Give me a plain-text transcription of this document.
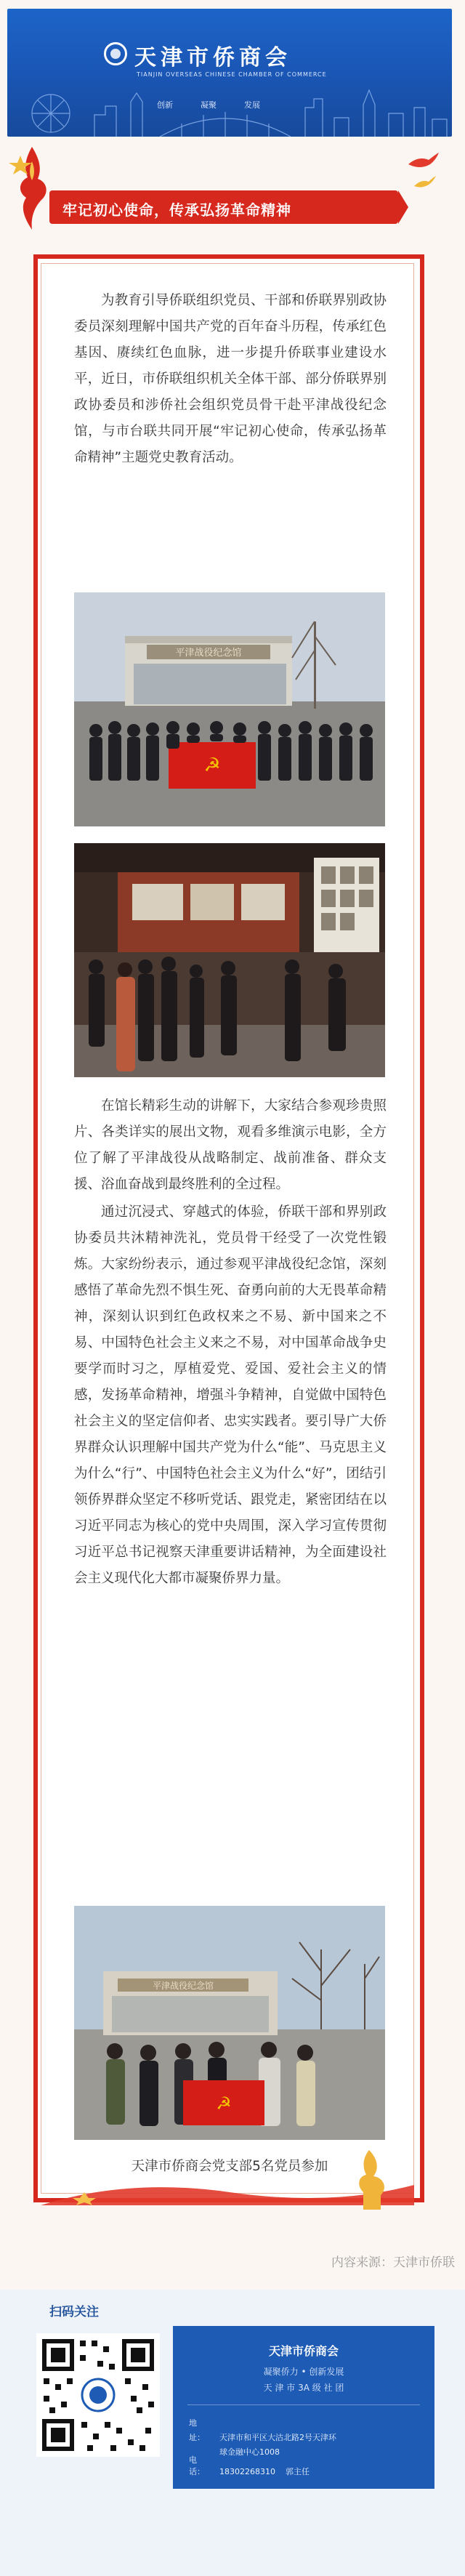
天津市侨商会
TIANJIN OVERSEAS CHINESE CHAMBER OF COMMERCE
创新	凝聚	发展
牢记初心使命，传承弘扬革命精神

为教育引导侨联组织党员、干部和侨联界别政协委员深刻理解中国共产党的百年奋斗历程，传承红色基因、赓续红色血脉，进一步提升侨联事业建设水平，近日，市侨联组织机关全体干部、部分侨联界别政协委员和涉侨社会组织党员骨干赴平津战役纪念馆，与市台联共同开展“牢记初心使命，传承弘扬革命精神”主题党史教育活动。

平津战役纪念馆
☭

在馆长精彩生动的讲解下，大家结合参观珍贵照片、各类详实的展出文物，观看多维演示电影，全方位了解了平津战役从战略制定、战前准备、群众支援、浴血奋战到最终胜利的全过程。

通过沉浸式、穿越式的体验，侨联干部和界别政协委员共沐精神洗礼，党员骨干经受了一次党性锻炼。大家纷纷表示，通过参观平津战役纪念馆，深刻感悟了革命先烈不惧生死、奋勇向前的大无畏革命精神，深刻认识到红色政权来之不易、新中国来之不易、中国特色社会主义来之不易，对中国革命战争史要学而时习之，厚植爱党、爱国、爱社会主义的情感，发扬革命精神，增强斗争精神，自觉做中国特色社会主义的坚定信仰者、忠实实践者。要引导广大侨界群众认识理解中国共产党为什么“能”、马克思主义为什么“行”、中国特色社会主义为什么“好”，团结引领侨界群众坚定不移听党话、跟党走，紧密团结在以习近平同志为核心的党中央周围，深入学习宣传贯彻习近平总书记视察天津重要讲话精神，为全面建设社会主义现代化大都市凝聚侨界力量。

平津战役纪念馆
☭
天津市侨商会党支部5名党员参加
内容来源：天津市侨联
扫码关注
天津市侨商会
凝聚侨力 • 创新发展
天 津 市 3A 级 社 团
地　址： 天津市和平区大沽北路2号天津环
球金融中心1008
电　话： 18302268310 郭主任
